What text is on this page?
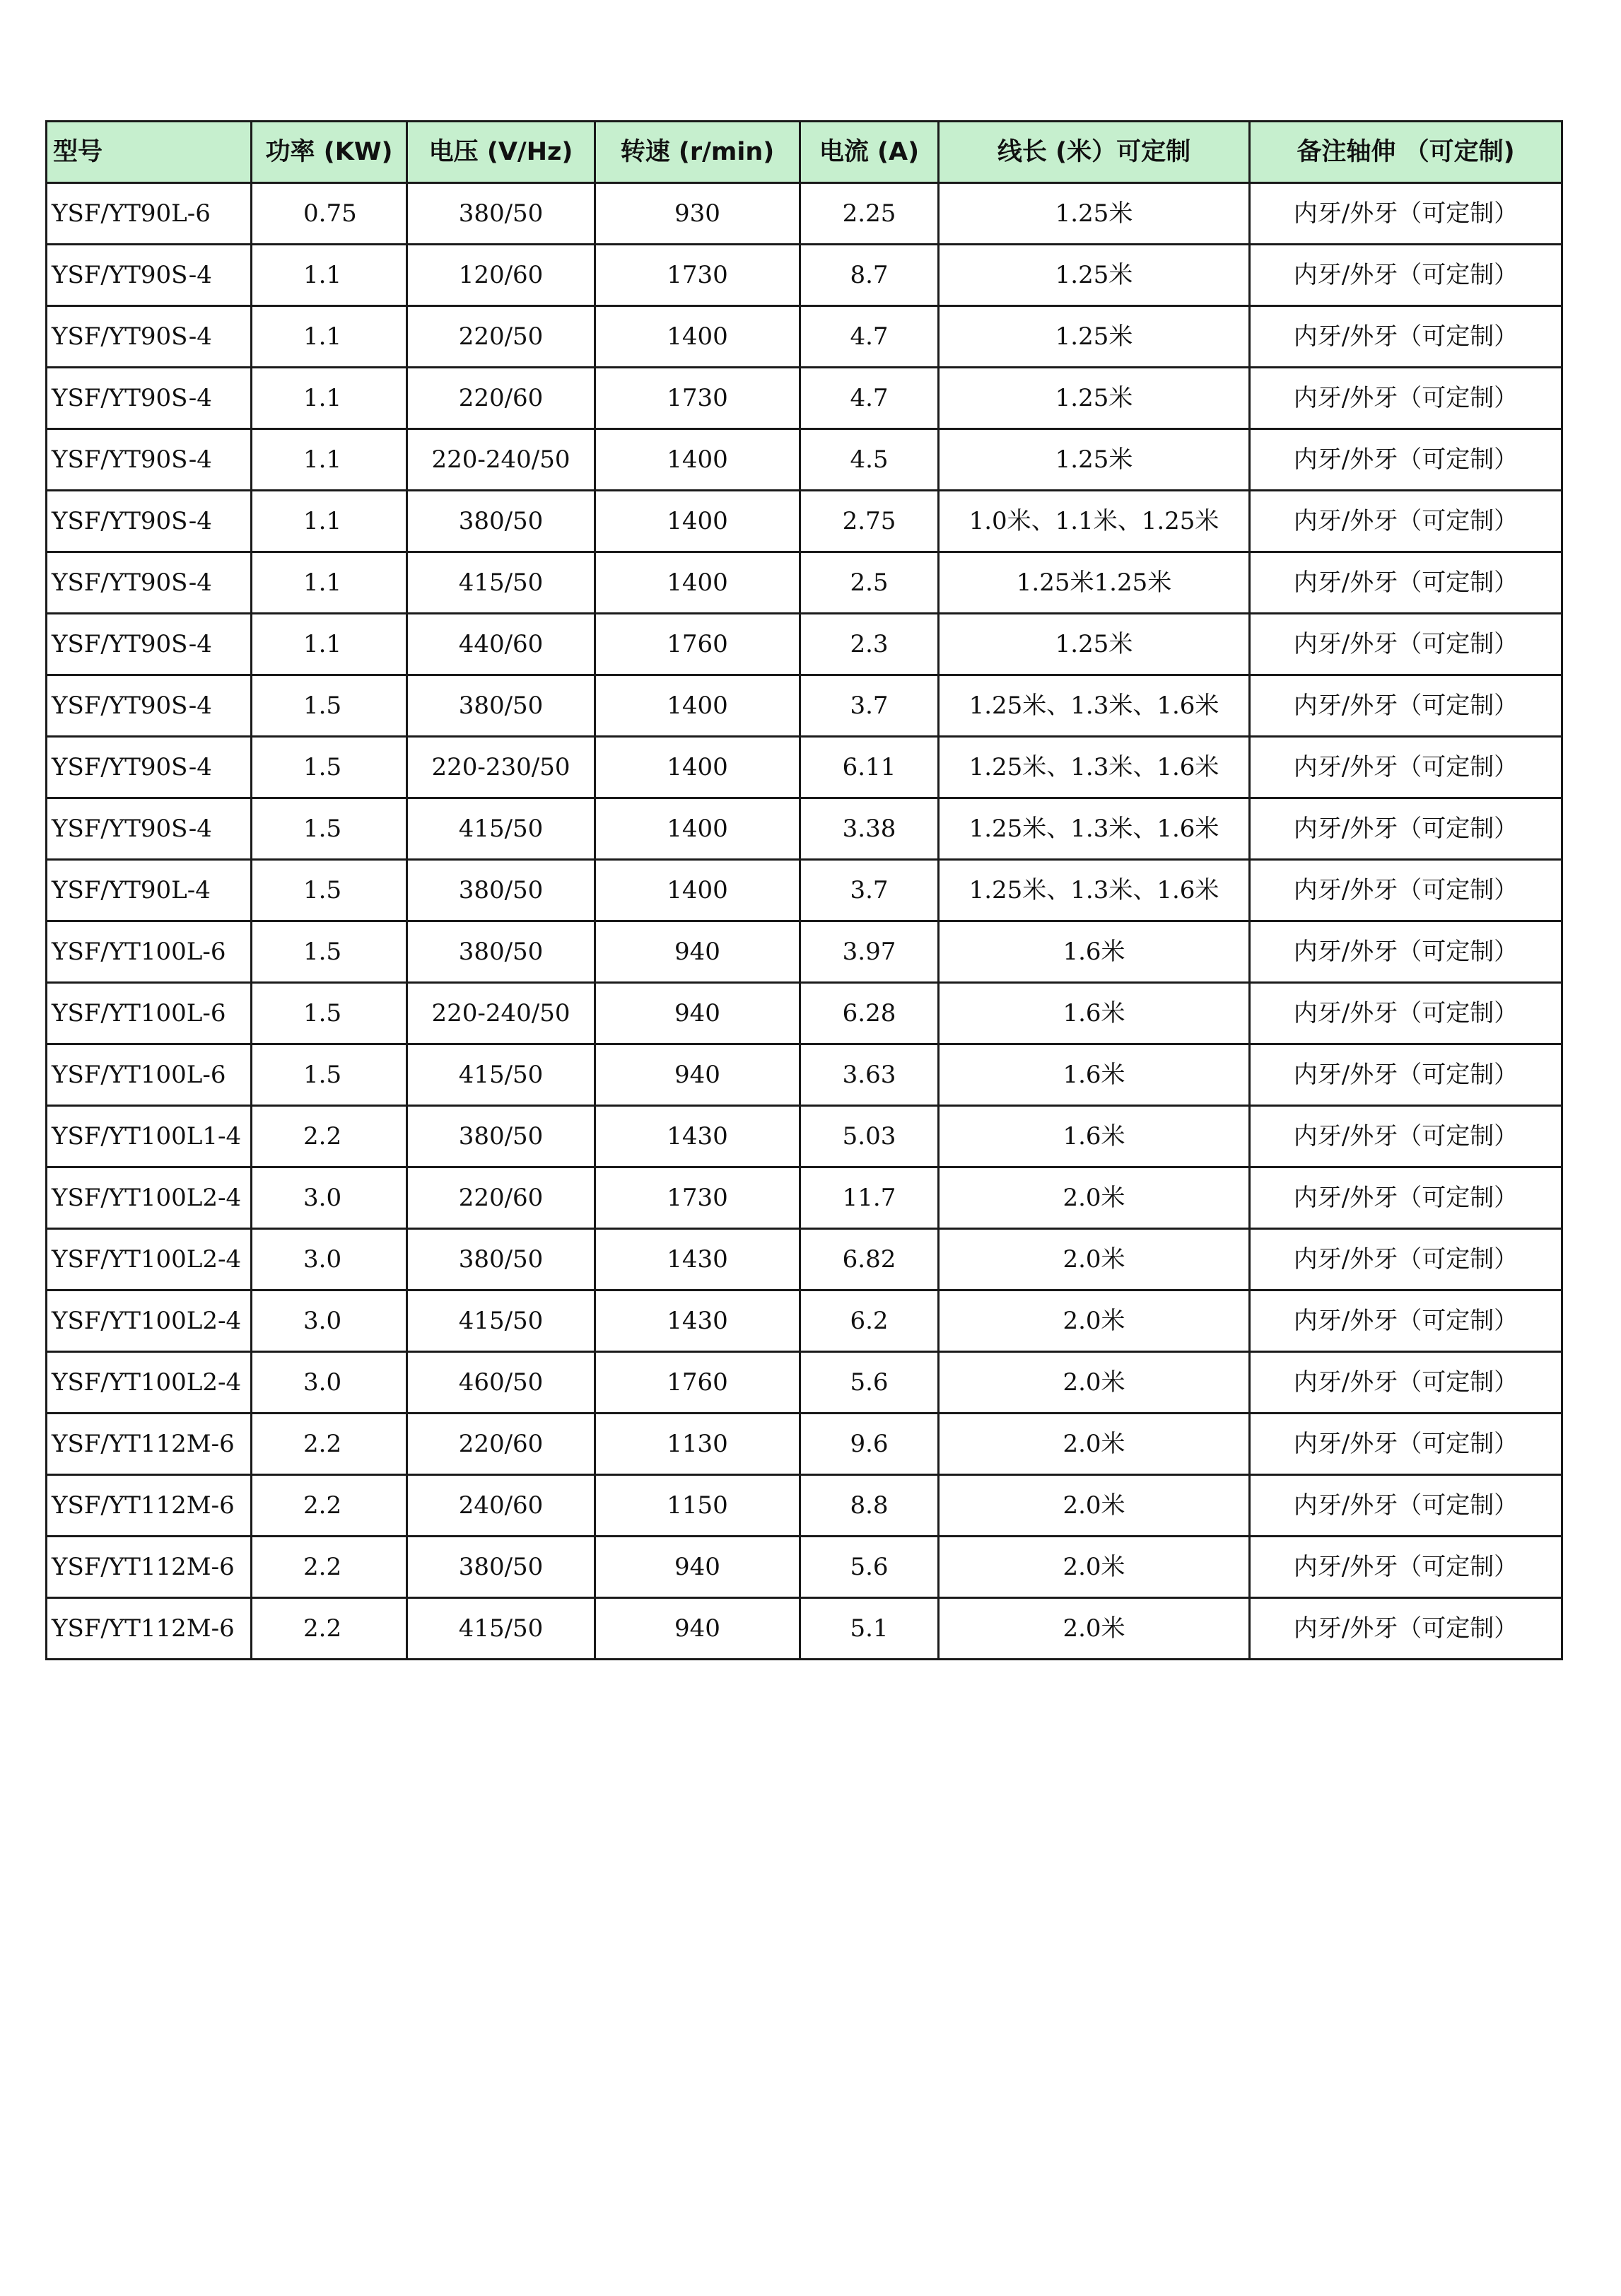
型号	功率 (KW)	电压 (V/Hz)	转速 (r/min)	电流 (A)	线长 (米）可定制	备注轴伸 （可定制)
YSF/YT90L-6	0.75	380/50	930	2.25	1.25米	内牙/外牙（可定制）
YSF/YT90S-4	1.1	120/60	1730	8.7	1.25米	内牙/外牙（可定制）
YSF/YT90S-4	1.1	220/50	1400	4.7	1.25米	内牙/外牙（可定制）
YSF/YT90S-4	1.1	220/60	1730	4.7	1.25米	内牙/外牙（可定制）
YSF/YT90S-4	1.1	220-240/50	1400	4.5	1.25米	内牙/外牙（可定制）
YSF/YT90S-4	1.1	380/50	1400	2.75	1.0米、1.1米、1.25米	内牙/外牙（可定制）
YSF/YT90S-4	1.1	415/50	1400	2.5	1.25米1.25米	内牙/外牙（可定制）
YSF/YT90S-4	1.1	440/60	1760	2.3	1.25米	内牙/外牙（可定制）
YSF/YT90S-4	1.5	380/50	1400	3.7	1.25米、1.3米、1.6米	内牙/外牙（可定制）
YSF/YT90S-4	1.5	220-230/50	1400	6.11	1.25米、1.3米、1.6米	内牙/外牙（可定制）
YSF/YT90S-4	1.5	415/50	1400	3.38	1.25米、1.3米、1.6米	内牙/外牙（可定制）
YSF/YT90L-4	1.5	380/50	1400	3.7	1.25米、1.3米、1.6米	内牙/外牙（可定制）
YSF/YT100L-6	1.5	380/50	940	3.97	1.6米	内牙/外牙（可定制）
YSF/YT100L-6	1.5	220-240/50	940	6.28	1.6米	内牙/外牙（可定制）
YSF/YT100L-6	1.5	415/50	940	3.63	1.6米	内牙/外牙（可定制）
YSF/YT100L1-4	2.2	380/50	1430	5.03	1.6米	内牙/外牙（可定制）
YSF/YT100L2-4	3.0	220/60	1730	11.7	2.0米	内牙/外牙（可定制）
YSF/YT100L2-4	3.0	380/50	1430	6.82	2.0米	内牙/外牙（可定制）
YSF/YT100L2-4	3.0	415/50	1430	6.2	2.0米	内牙/外牙（可定制）
YSF/YT100L2-4	3.0	460/50	1760	5.6	2.0米	内牙/外牙（可定制）
YSF/YT112M-6	2.2	220/60	1130	9.6	2.0米	内牙/外牙（可定制）
YSF/YT112M-6	2.2	240/60	1150	8.8	2.0米	内牙/外牙（可定制）
YSF/YT112M-6	2.2	380/50	940	5.6	2.0米	内牙/外牙（可定制）
YSF/YT112M-6	2.2	415/50	940	5.1	2.0米	内牙/外牙（可定制）
